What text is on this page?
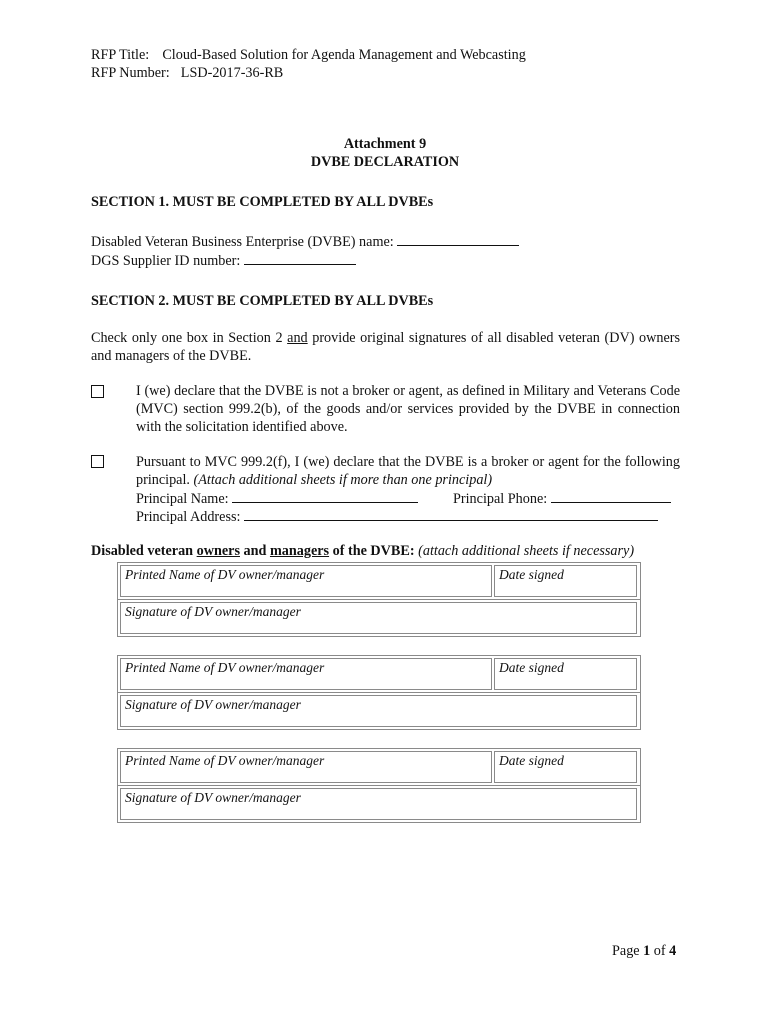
RFP Title: Cloud-Based Solution for Agenda Management and Webcasting
RFP Number: LSD-2017-36-RB
Attachment 9
DVBE DECLARATION
SECTION 1. MUST BE COMPLETED BY ALL DVBEs
Disabled Veteran Business Enterprise (DVBE) name:
DGS Supplier ID number:
SECTION 2. MUST BE COMPLETED BY ALL DVBEs
Check only one box in Section 2 and provide original signatures of all disabled veteran (DV) owners and managers of the DVBE.
I (we) declare that the DVBE is not a broker or agent, as defined in Military and Veterans Code (MVC) section 999.2(b), of the goods and/or services provided by the DVBE in connection with the solicitation identified above.
Pursuant to MVC 999.2(f), I (we) declare that the DVBE is a broker or agent for the following principal. (Attach additional sheets if more than one principal)
Principal Name:	Principal Phone:
Principal Address:
Disabled veteran owners and managers of the DVBE: (attach additional sheets if necessary)
Printed Name of DV owner/manager	Date signed
Signature of DV owner/manager
Printed Name of DV owner/manager	Date signed
Signature of DV owner/manager
Printed Name of DV owner/manager	Date signed
Signature of DV owner/manager
Page 1 of 4
